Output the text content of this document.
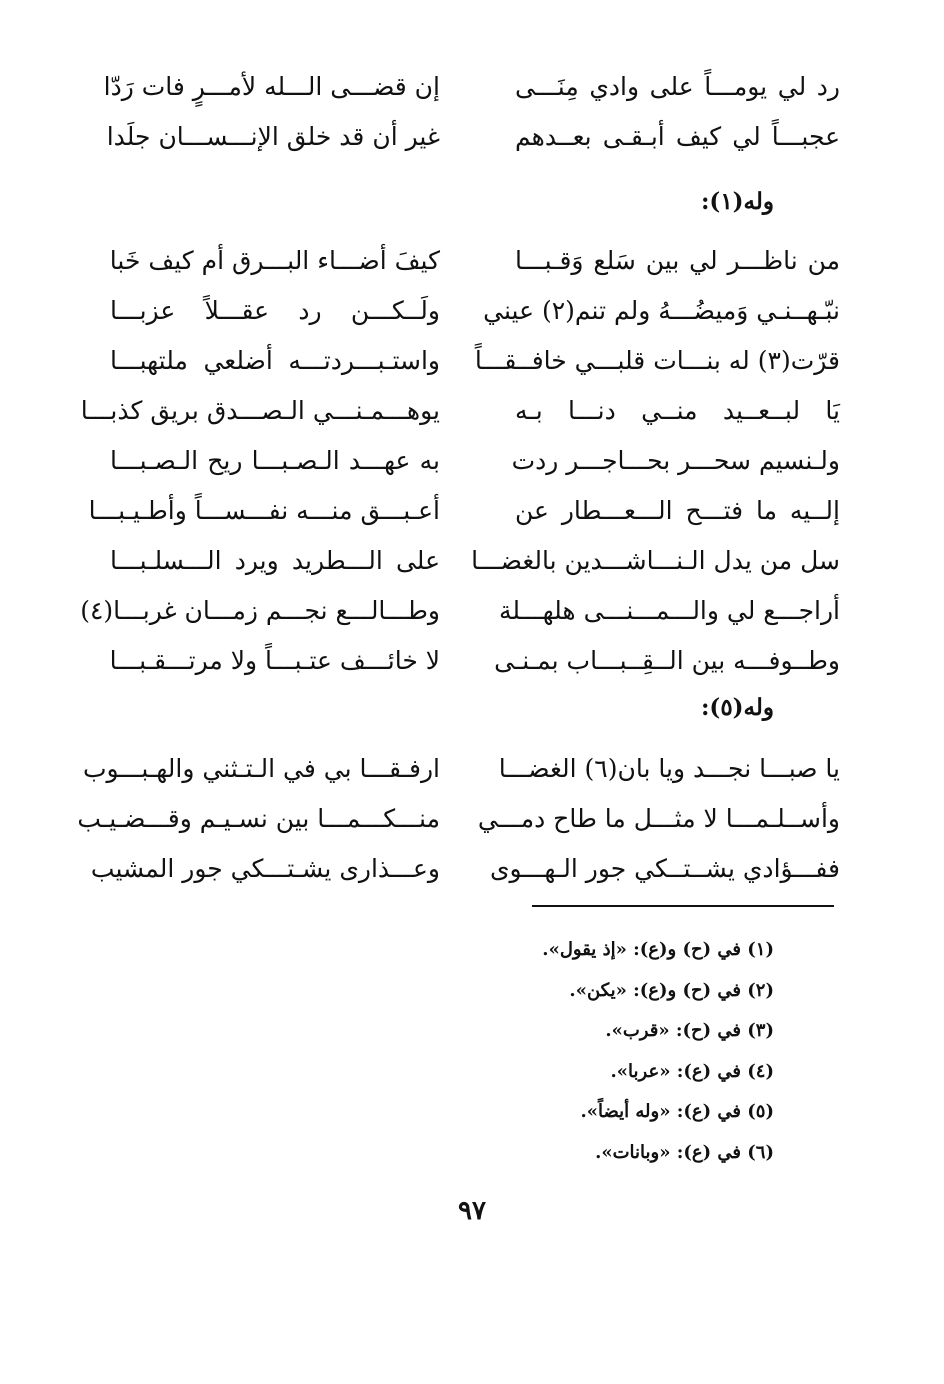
رد لي يومـــاً على وادي مِنَـــى
إن قضـــى الـــله لأمـــرٍ فات رَدّا
عجبـــاً لي كيف أبـقـى بعــدهم
غير أن قد خلق الإنـــســـان جلَدا
وله(١):
من ناظـــر لي بين سَلع وَقـبـــا
كيفَ أضـــاء البـــرق أم كيف خَبا
نبّـهــنـي وَميضُـــهُ ولم تنم(٢) عيني
ولَــكـــن رد عقـــلاً عزبـــا
قرّت(٣) له بنـــات قلبـــي خافــقـــاً
واستـبـــردتـــه أضلعي ملتهبـــا
يَا لبــعــيد منــي دنـــا بـه
يوهـــمـنـــي الـصـــدق بريق كذبـــا
ولـنسيم سحـــر بحـــاجـــر ردت
به عهـــد الـصـبـــا ريح الـصـبـــا
إلــيه ما فتـــح الـــعـــطار عن
أعـبـــق منـــه نفـــســـاً وأطـيـبـــا
سل من يدل الـنـــاشـــدين بالغضـــا
على الـــطريد ويرد الـــسلـبـــا
أراجـــع لي والـــمـــنـــى هلهـــلة
وطـــالـــع نجـــم زمـــان غربـــا(٤)
وطــوفـــه بين الــقِــبـــاب بمـنـى
لا خائـــف عتـبـــاً ولا مرتـــقـبـــا
وله(٥):
يا صبـــا نجـــد ويا بان(٦) الغضـــا
ارفـقـــا بي في الـتـثني والهـبـــوب
وأســلـمـــا لا مثـــل ما طاح دمـــي
منـــكـــمـــا بين نسـيـم وقـــضـيـب
ففـــؤادي يشــتــكي جور الـهـــوى
وعـــذارى يشـتـــكي جور المشيب
(١) في (ح) و(ع): «إذ يقول».
(٢) في (ح) و(ع): «يكن».
(٣) في (ح): «قرب».
(٤) في (ع): «عربا».
(٥) في (ع): «وله أيضاً».
(٦) في (ع): «وبانات».
٩٧
